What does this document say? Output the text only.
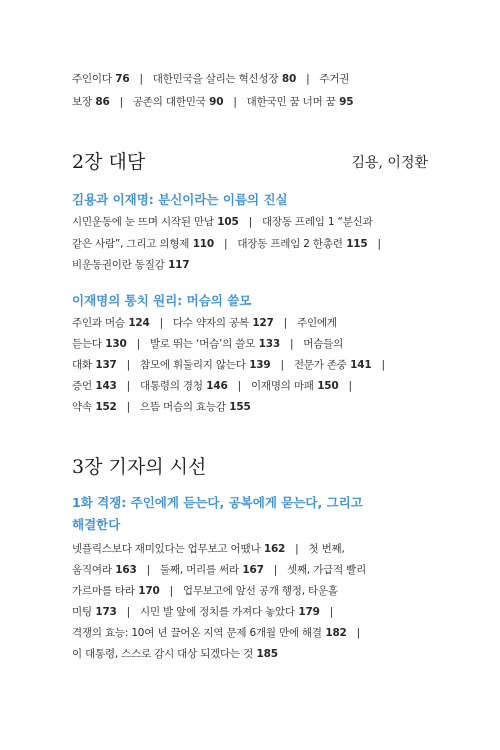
주인이다 76 | 대한민국을 살리는 혁신성장 80 | 주거권
보장 86 | 공존의 대한민국 90 | 대한국민 꿈 너머 꿈 95
2장 대담	김용, 이정환
김용과 이재명: 분신이라는 이름의 진실
시민운동에 눈 뜨며 시작된 만남 105 | 대장동 프레임 1 “분신과
같은 사람”, 그리고 의형제 110 | 대장동 프레임 2 한총련 115 |
비운동권이란 동질감 117
이재명의 통치 원리: 머슴의 쓸모
주인과 머슴 124 | 다수 약자의 공복 127 | 주인에게
듣는다 130 | 발로 뛰는 ‘머슴’의 쓸모 133 | 머슴들의
대화 137 | 참모에 휘둘리지 않는다 139 | 전문가 존중 141 |
증언 143 | 대통령의 경청 146 | 이재명의 마패 150 |
약속 152 | 으뜸 머슴의 효능감 155
3장 기자의 시선
1화 격쟁: 주인에게 듣는다, 공복에게 묻는다, 그리고
해결한다
넷플릭스보다 재미있다는 업무보고 어땠나 162 | 첫 번째,
움직여라 163 | 둘째, 머리를 써라 167 | 셋째, 가급적 빨리
가르마를 타라 170 | 업무보고에 앞선 공개 행정, 타운홀
미팅 173 | 시민 발 앞에 정치를 가져다 놓았다 179 |
격쟁의 효능: 10여 년 끌어온 지역 문제 6개월 만에 해결 182 |
이 대통령, 스스로 감시 대상 되겠다는 것 185
